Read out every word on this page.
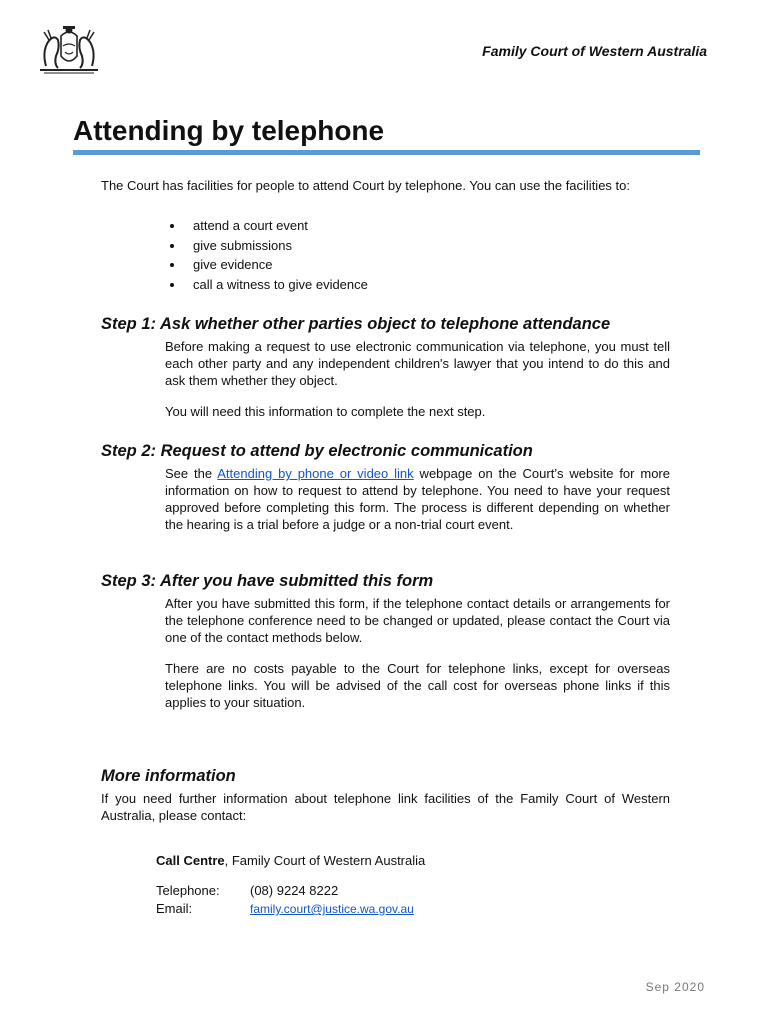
Family Court of Western Australia
Attending by telephone

The Court has facilities for people to attend Court by telephone. You can use the facilities to:

attend a court event
give submissions
give evidence
call a witness to give evidence
Step 1: Ask whether other parties object to telephone attendance

Before making a request to use electronic communication via telephone, you must tell each other party and any independent children's lawyer that you intend to do this and ask them whether they object.

You will need this information to complete the next step.

Step 2: Request to attend by electronic communication

See the Attending by phone or video link webpage on the Court’s website for more information on how to request to attend by telephone. You need to have your request approved before completing this form. The process is different depending on whether the hearing is a trial before a judge or a non-trial court event.

Step 3: After you have submitted this form

After you have submitted this form, if the telephone contact details or arrangements for the telephone conference need to be changed or updated, please contact the Court via one of the contact methods below.

There are no costs payable to the Court for telephone links, except for overseas telephone links. You will be advised of the call cost for overseas phone links if this applies to your situation.

More information

If you need further information about telephone link facilities of the Family Court of Western Australia, please contact:

Call Centre, Family Court of Western Australia
Telephone: (08) 9224 8222
Email:	family.court@justice.wa.gov.au
Sep 2020
